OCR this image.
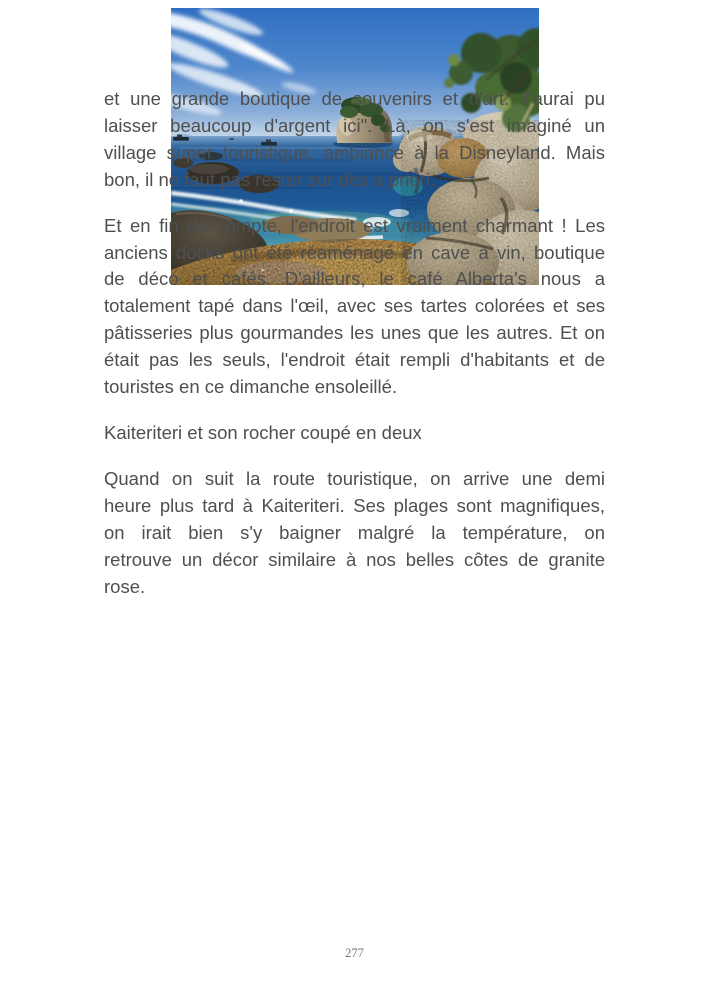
et une grande boutique de souvenirs et d'art. J'aurai pu
laisser beaucoup d'argent ici". Là, on s'est imaginé un
village super touristique, ambiance à la Disneyland. Mais
bon, il ne faut pas rester sur des a priori.

Et en fin de compte, l'endroit est vraiment charmant ! Les
anciens docks ont été réaménagé en cave à vin, boutique
de déco et cafés. D'ailleurs, le café Alberta's nous a
totalement tapé dans l'œil, avec ses tartes colorées et ses
pâtisseries plus gourmandes les unes que les autres. Et on
était pas les seuls, l'endroit était rempli d'habitants et de
touristes en ce dimanche ensoleillé.

Kaiteriteri et son rocher coupé en deux

Quand on suit la route touristique, on arrive une demi
heure plus tard à Kaiteriteri. Ses plages sont magnifiques,
on irait bien s'y baigner malgré la température, on
retrouve un décor similaire à nos belles côtes de granite
rose.

277
